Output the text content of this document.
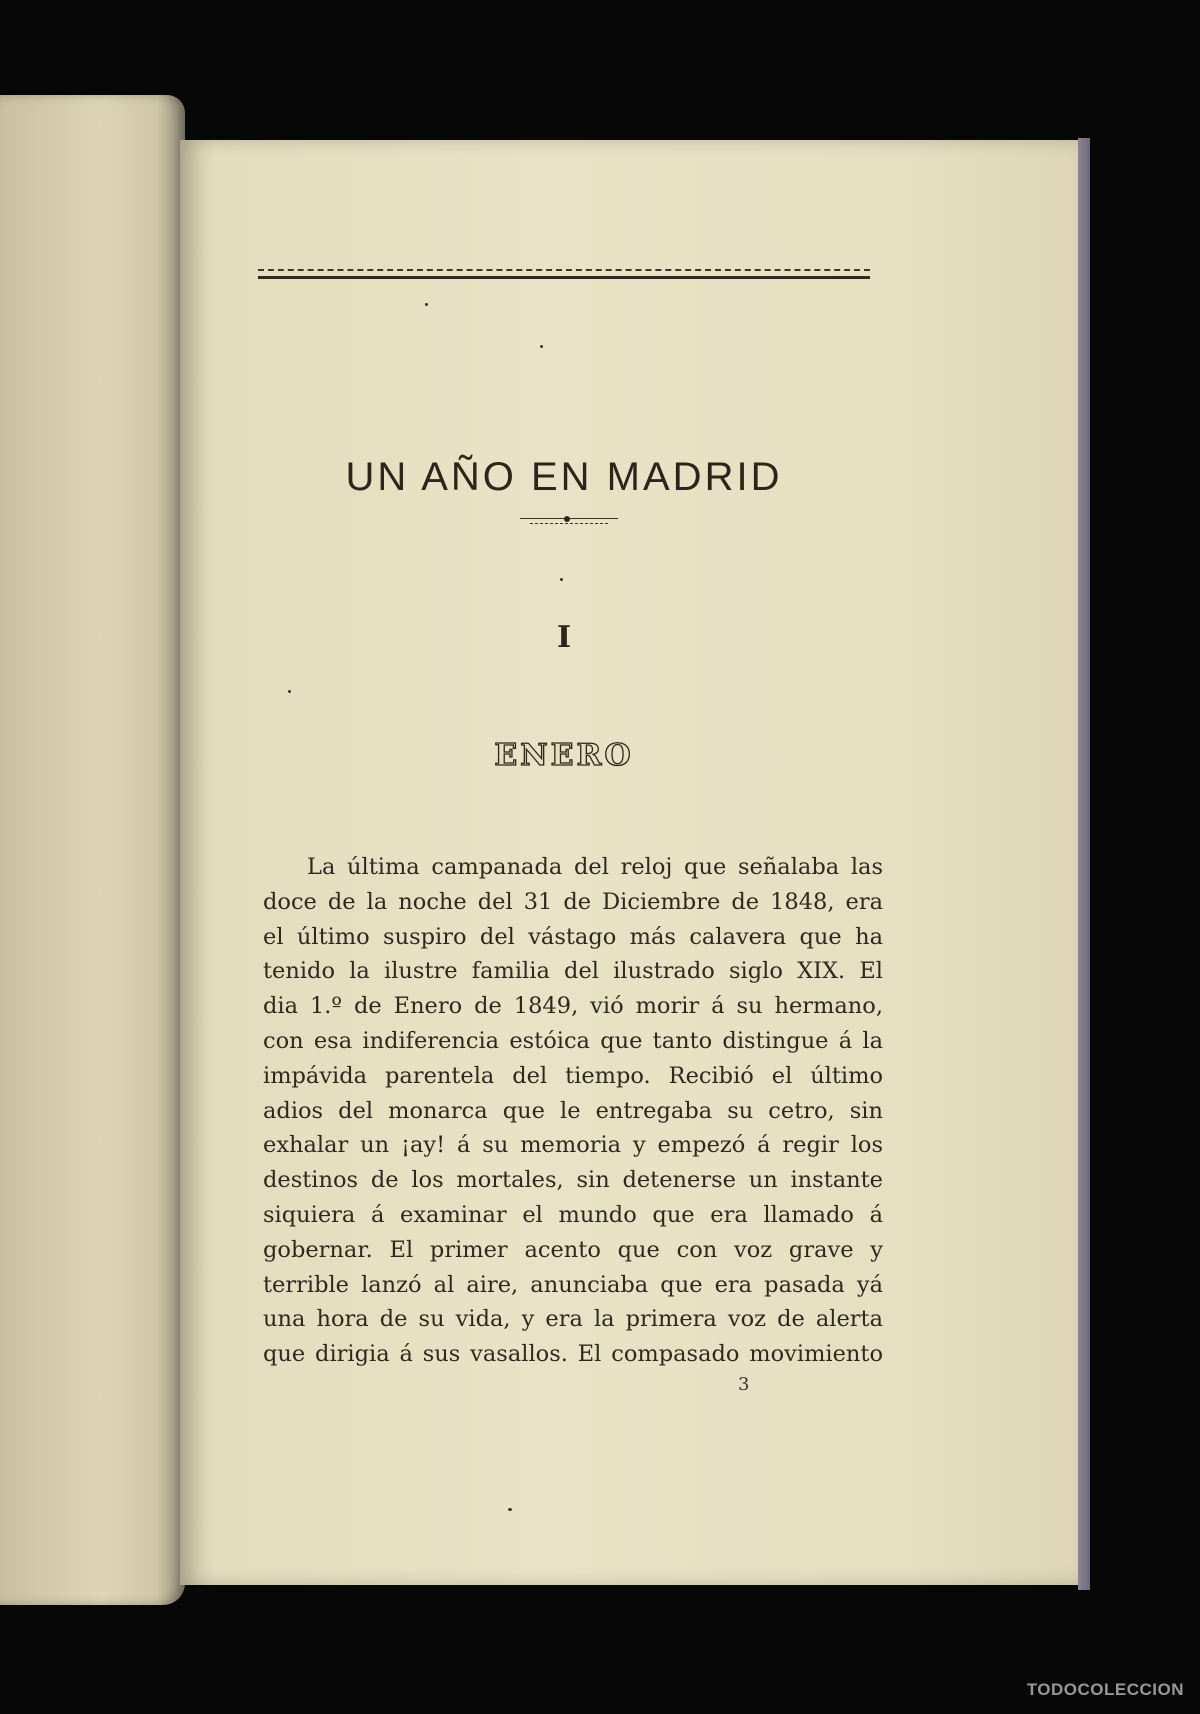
UN AÑO EN MADRID
I
ENERO
La última campanada del reloj que señalaba las
doce de la noche del 31 de Diciembre de 1848, era
el último suspiro del vástago más calavera que ha
tenido la ilustre familia del ilustrado siglo XIX. El
dia 1.º de Enero de 1849, vió morir á su hermano,
con esa indiferencia estóica que tanto distingue á la
impávida parentela del tiempo. Recibió el último
adios del monarca que le entregaba su cetro, sin
exhalar un ¡ay! á su memoria y empezó á regir los
destinos de los mortales, sin detenerse un instante
siquiera á examinar el mundo que era llamado á
gobernar. El primer acento que con voz grave y
terrible lanzó al aire, anunciaba que era pasada yá
una hora de su vida, y era la primera voz de alerta
que dirigia á sus vasallos. El compasado movimiento
3
TODOCOLECCION
